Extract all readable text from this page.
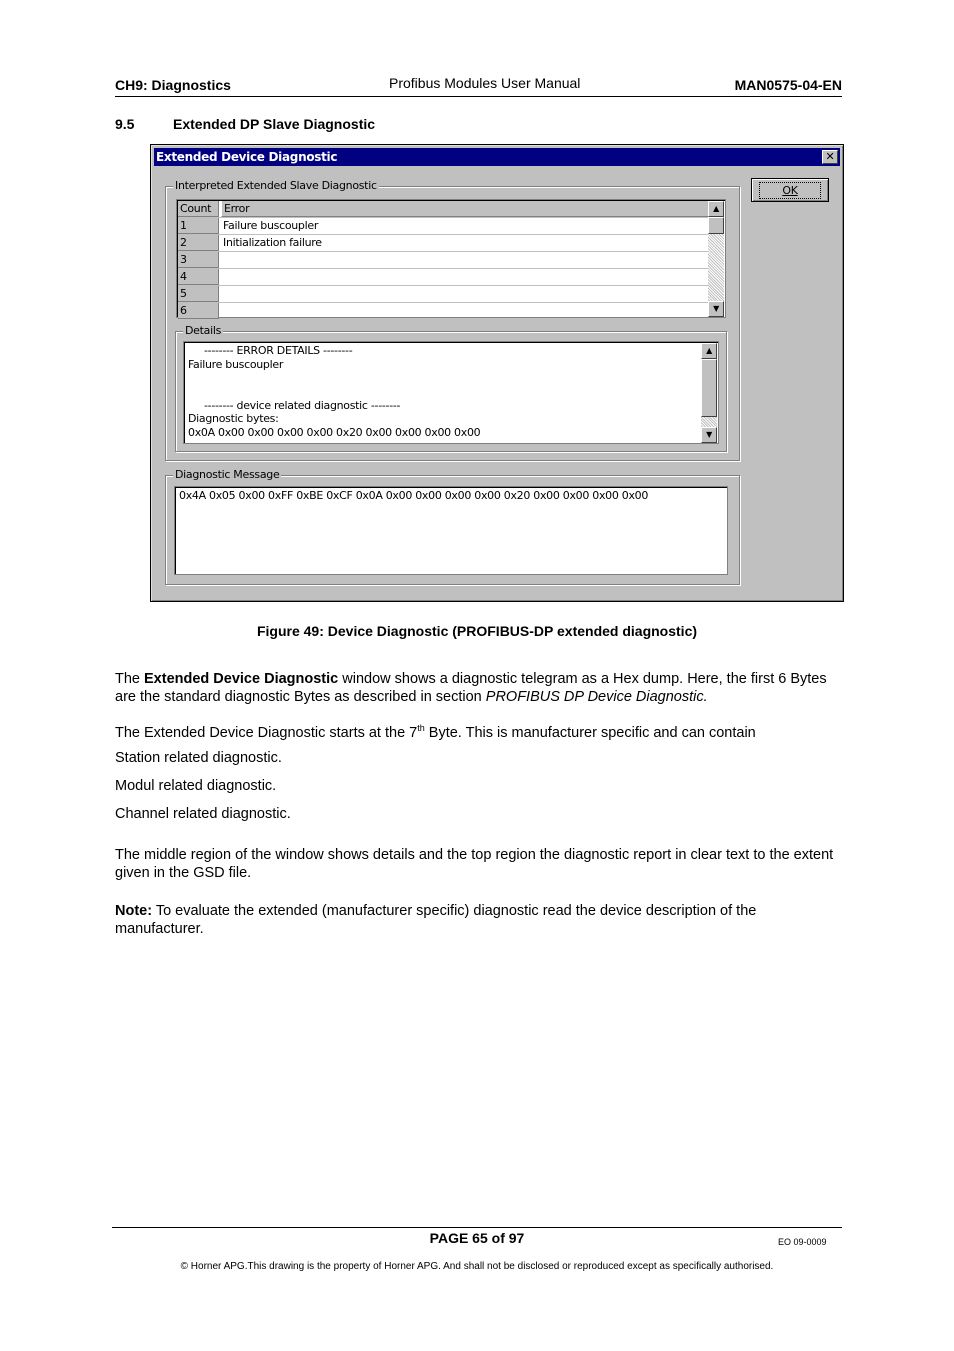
CH9: Diagnostics	Profibus Modules User Manual	MAN0575-04-EN
9.5	Extended DP Slave Diagnostic
Extended Device Diagnostic	✕
Interpreted Extended Slave Diagnostic	OK
Count	Error
1	Failure buscoupler
2	Initialization failure
3
4
5
6
▲
▼
Details
-------- ERROR DETAILS --------
Failure buscoupler
-------- device related diagnostic --------
Diagnostic bytes:
0x0A 0x00 0x00 0x00 0x00 0x20 0x00 0x00 0x00 0x00
▲
▼
Diagnostic Message
0x4A 0x05 0x00 0xFF 0xBE 0xCF 0x0A 0x00 0x00 0x00 0x00 0x20 0x00 0x00 0x00 0x00
Figure 49: Device Diagnostic (PROFIBUS-DP extended diagnostic)
The Extended Device Diagnostic window shows a diagnostic telegram as a Hex dump. Here, the first 6 Bytes are the standard diagnostic Bytes as described in section PROFIBUS DP Device Diagnostic.
The Extended Device Diagnostic starts at the 7th Byte. This is manufacturer specific and can contain
Station related diagnostic.
Modul related diagnostic.
Channel related diagnostic.
The middle region of the window shows details and the top region the diagnostic report in clear text to the extent given in the GSD file.
Note: To evaluate the extended (manufacturer specific) diagnostic read the device description of the manufacturer.
PAGE 65 of 97	EO 09-0009
© Horner APG.This drawing is the property of Horner APG. And shall not be disclosed or reproduced except as specifically authorised.
